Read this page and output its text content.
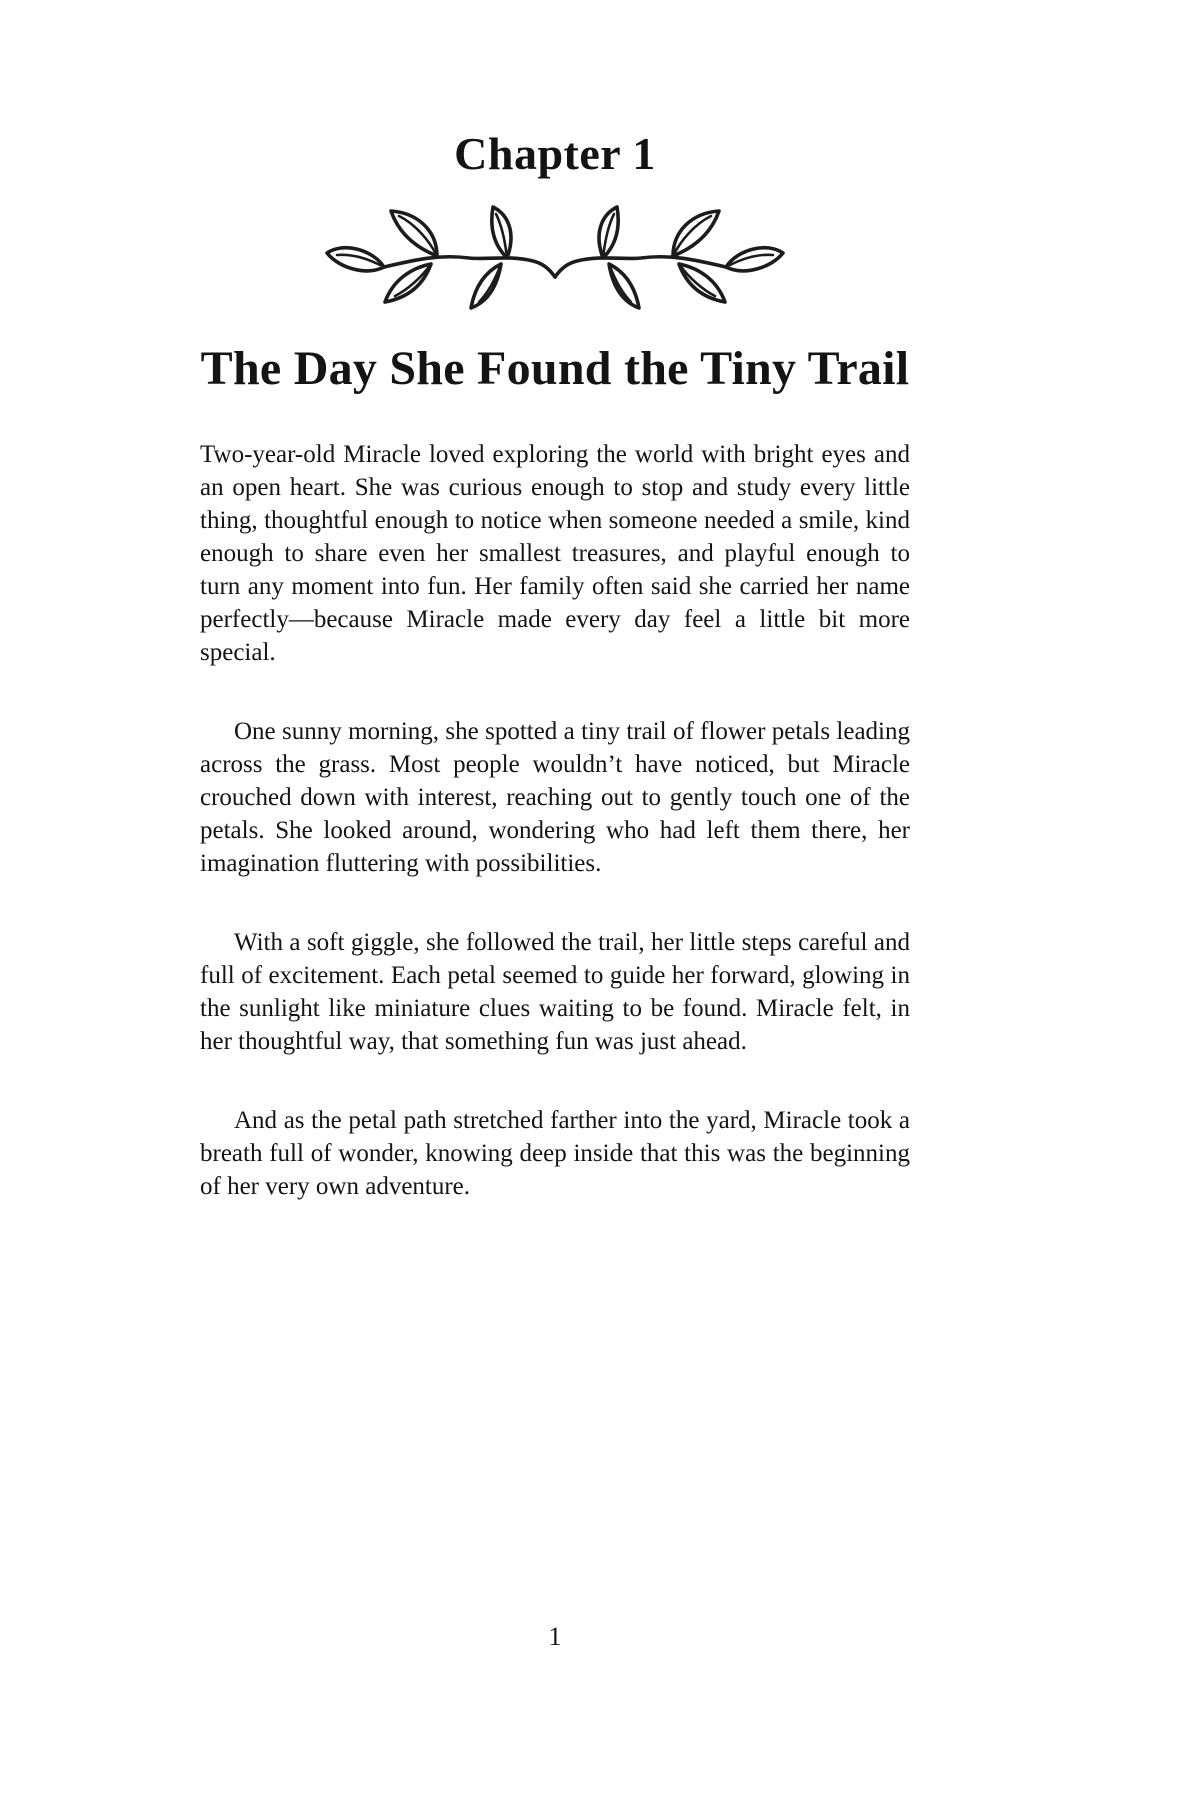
Chapter 1
The Day She Found the Tiny Trail

Two-year-old Miracle loved exploring the world with bright eyes and an open heart. She was curious enough to stop and study every little thing, thoughtful enough to notice when someone needed a smile, kind enough to share even her smallest treasures, and playful enough to turn any moment into fun. Her family often said she carried her name perfectly—because Miracle made every day feel a little bit more special.

One sunny morning, she spotted a tiny trail of flower petals leading across the grass. Most people wouldn’t have noticed, but Miracle crouched down with interest, reaching out to gently touch one of the petals. She looked around, wondering who had left them there, her imagination fluttering with possibilities.

With a soft giggle, she followed the trail, her little steps careful and full of excitement. Each petal seemed to guide her forward, glowing in the sunlight like miniature clues waiting to be found. Miracle felt, in her thoughtful way, that something fun was just ahead.

And as the petal path stretched farther into the yard, Miracle took a breath full of wonder, knowing deep inside that this was the beginning of her very own adventure.

1
